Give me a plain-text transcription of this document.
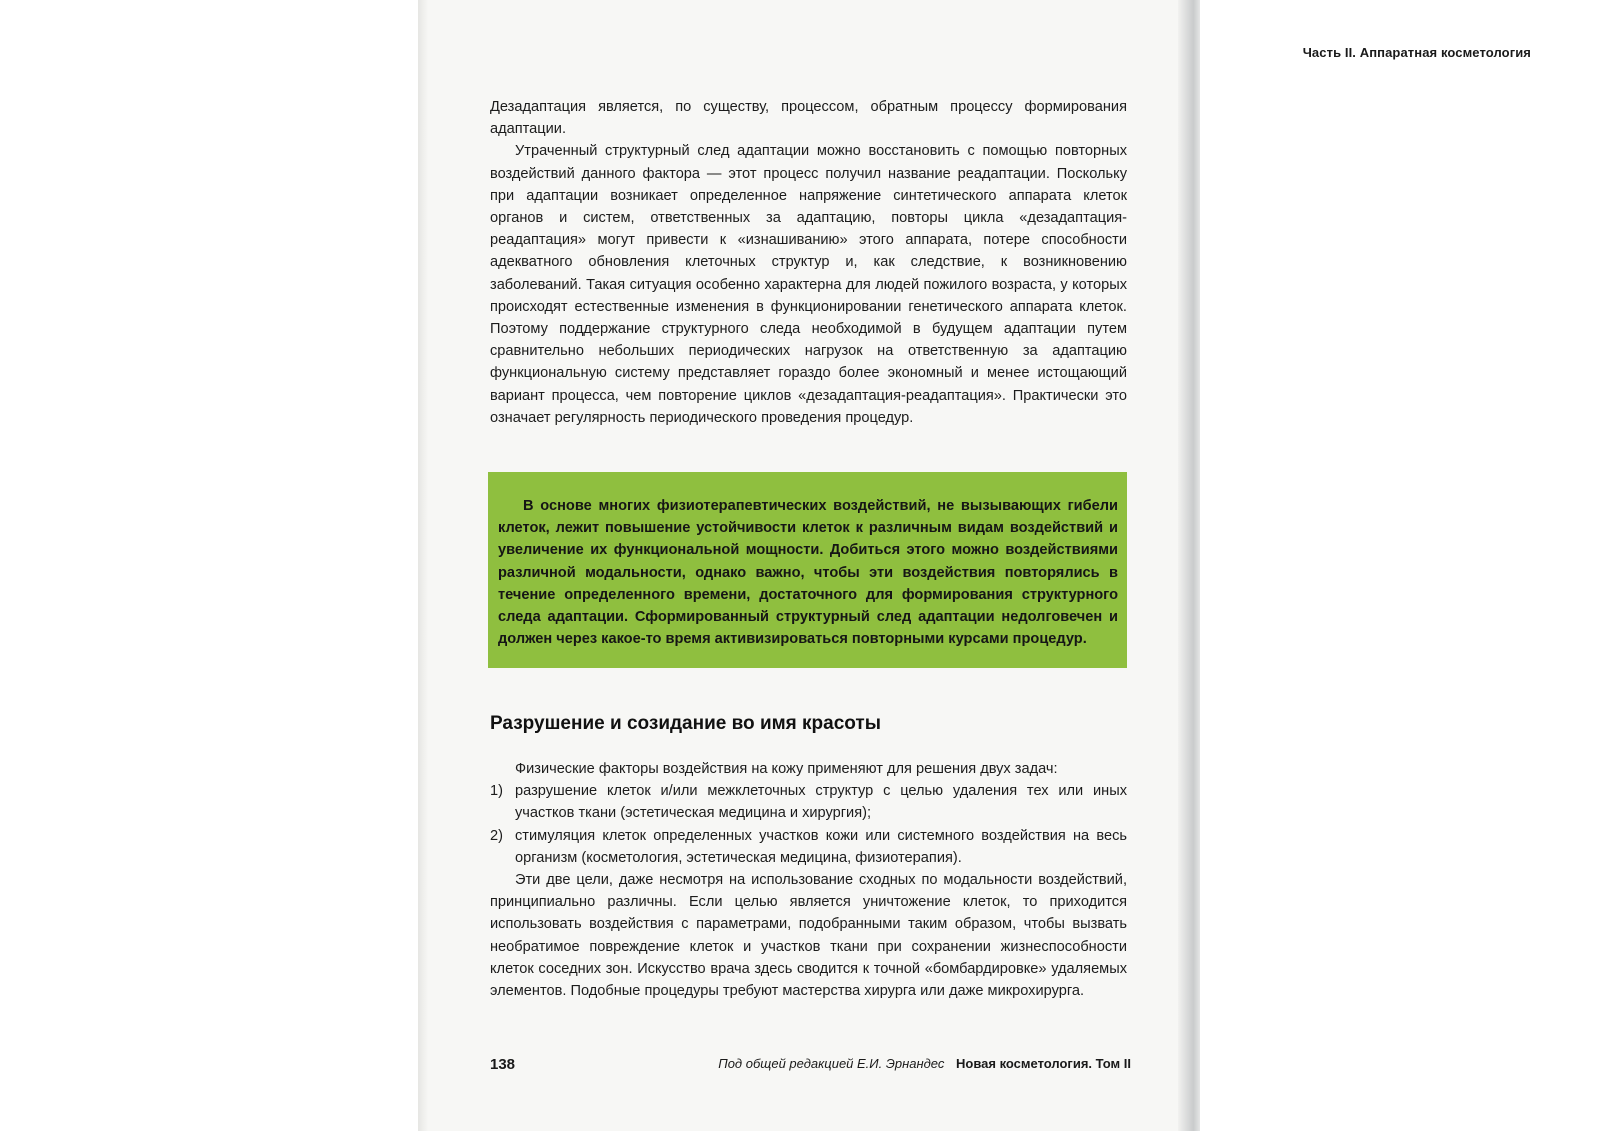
Часть II. Аппаратная косметология

Дезадаптация является, по существу, процессом, обратным процессу формирования адаптации.

Утраченный структурный след адаптации можно восстановить с помощью повторных воздействий данного фактора — этот процесс получил название реадаптации. Поскольку при адаптации возникает определенное напряжение синтетического аппарата клеток органов и систем, ответственных за адаптацию, повторы цикла «дезадаптация-реадаптация» могут привести к «изнашиванию» этого аппарата, потере способности адекватного обновления клеточных структур и, как следствие, к возникновению заболеваний. Такая ситуация особенно характерна для людей пожилого возраста, у которых происходят естественные изменения в функционировании генетического аппарата клеток. Поэтому поддержание структурного следа необходимой в будущем адаптации путем сравнительно небольших периодических нагрузок на ответственную за адаптацию функциональную систему представляет гораздо более экономный и менее истощающий вариант процесса, чем повторение циклов «дезадаптация-реадаптация». Практически это означает регулярность периодического проведения процедур.

В основе многих физиотерапевтических воздействий, не вызывающих гибели клеток, лежит повышение устойчивости клеток к различным видам воздействий и увеличение их функциональной мощности. Добиться этого можно воздействиями различной модальности, однако важно, чтобы эти воздействия повторялись в течение определенного времени, достаточного для формирования структурного следа адаптации. Сформированный структурный след адаптации недолговечен и должен через какое-то время активизироваться повторными курсами процедур.

Разрушение и созидание во имя красоты

Физические факторы воздействия на кожу применяют для решения двух задач:

1) разрушение клеток и/или межклеточных структур с целью удаления тех или иных участков ткани (эстетическая медицина и хирургия);
2) стимуляция клеток определенных участков кожи или системного воздействия на весь организм (косметология, эстетическая медицина, физиотерапия).

Эти две цели, даже несмотря на использование сходных по модальности воздействий, принципиально различны. Если целью является уничтожение клеток, то приходится использовать воздействия с параметрами, подобранными таким образом, чтобы вызвать необратимое повреждение клеток и участков ткани при сохранении жизнеспособности клеток соседних зон. Искусство врача здесь сводится к точной «бомбардировке» удаляемых элементов. Подобные процедуры требуют мастерства хирурга или даже микрохирурга.

138	Под общей редакцией Е.И. Эрнандес Новая косметология. Том II
